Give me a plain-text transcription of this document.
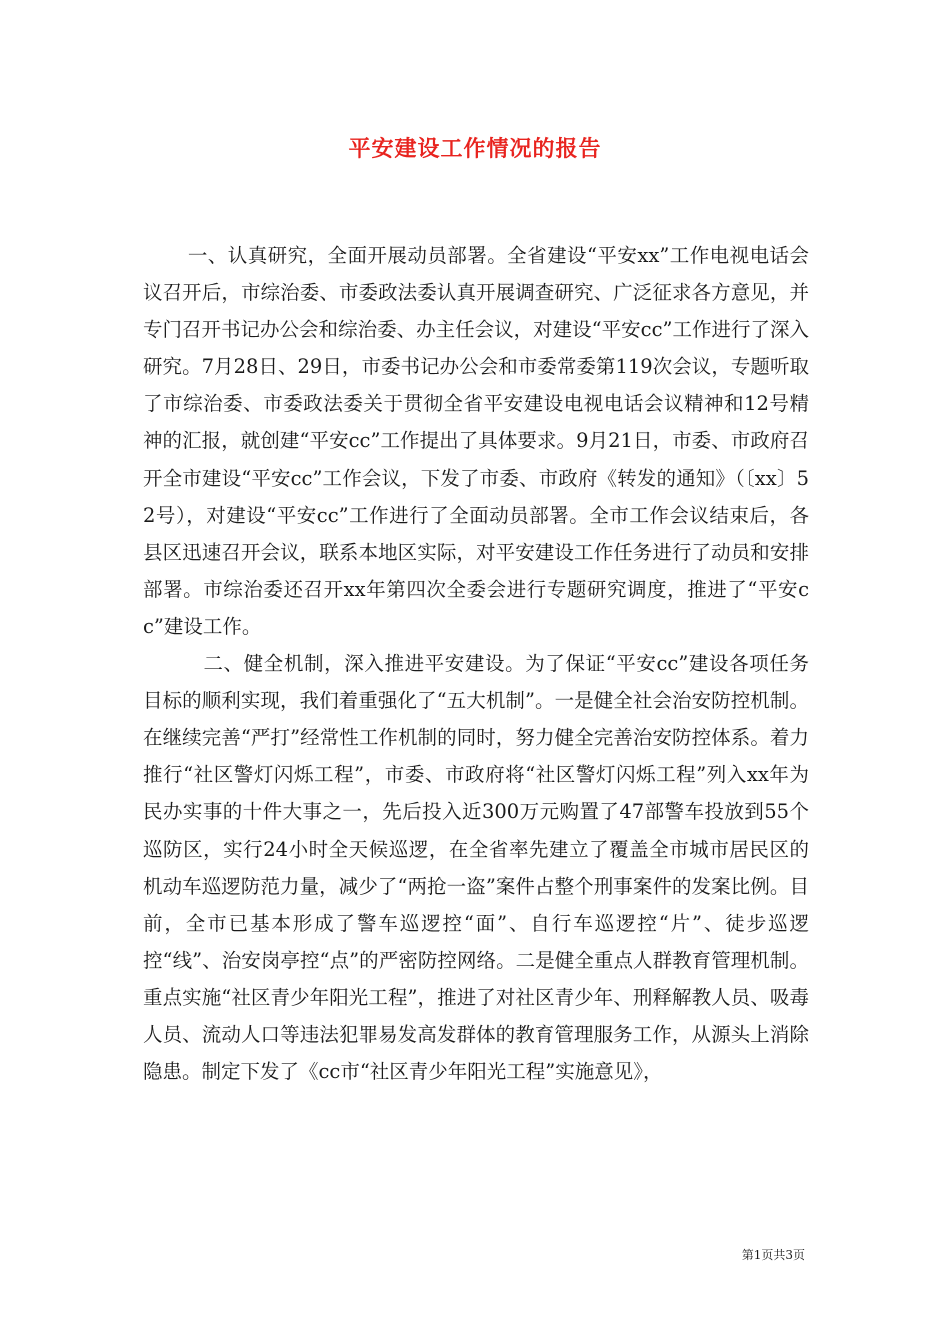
平安建设工作情况的报告

一、认真研究，全面开展动员部署。全省建设“平安xx”工作电视电话会议召开后，市综治委、市委政法委认真开展调查研究、广泛征求各方意见，并专门召开书记办公会和综治委、办主任会议，对建设“平安cc”工作进行了深入研究。7月28日、29日，市委书记办公会和市委常委第119次会议，专题听取了市综治委、市委政法委关于贯彻全省平安建设电视电话会议精神和12号精神的汇报，就创建“平安cc”工作提出了具体要求。9月21日，市委、市政府召开全市建设“平安cc”工作会议，下发了市委、市政府《转发的通知》（〔xx〕52号），对建设“平安cc”工作进行了全面动员部署。全市工作会议结束后，各县区迅速召开会议，联系本地区实际，对平安建设工作任务进行了动员和安排部署。市综治委还召开xx年第四次全委会进行专题研究调度，推进了“平安cc”建设工作。

二、健全机制，深入推进平安建设。为了保证“平安cc”建设各项任务目标的顺利实现，我们着重强化了“五大机制”。一是健全社会治安防控机制。在继续完善“严打”经常性工作机制的同时，努力健全完善治安防控体系。着力推行“社区警灯闪烁工程”，市委、市政府将“社区警灯闪烁工程”列入xx年为民办实事的十件大事之一，先后投入近300万元购置了47部警车投放到55个巡防区，实行24小时全天候巡逻，在全省率先建立了覆盖全市城市居民区的机动车巡逻防范力量，减少了“两抢一盗”案件占整个刑事案件的发案比例。目前，全市已基本形成了警车巡逻控“面”、自行车巡逻控“片”、徒步巡逻控“线”、治安岗亭控“点”的严密防控网络。二是健全重点人群教育管理机制。重点实施“社区青少年阳光工程”，推进了对社区青少年、刑释解教人员、吸毒人员、流动人口等违法犯罪易发高发群体的教育管理服务工作，从源头上消除隐患。制定下发了《cc市“社区青少年阳光工程”实施意见》，

第1页共3页
